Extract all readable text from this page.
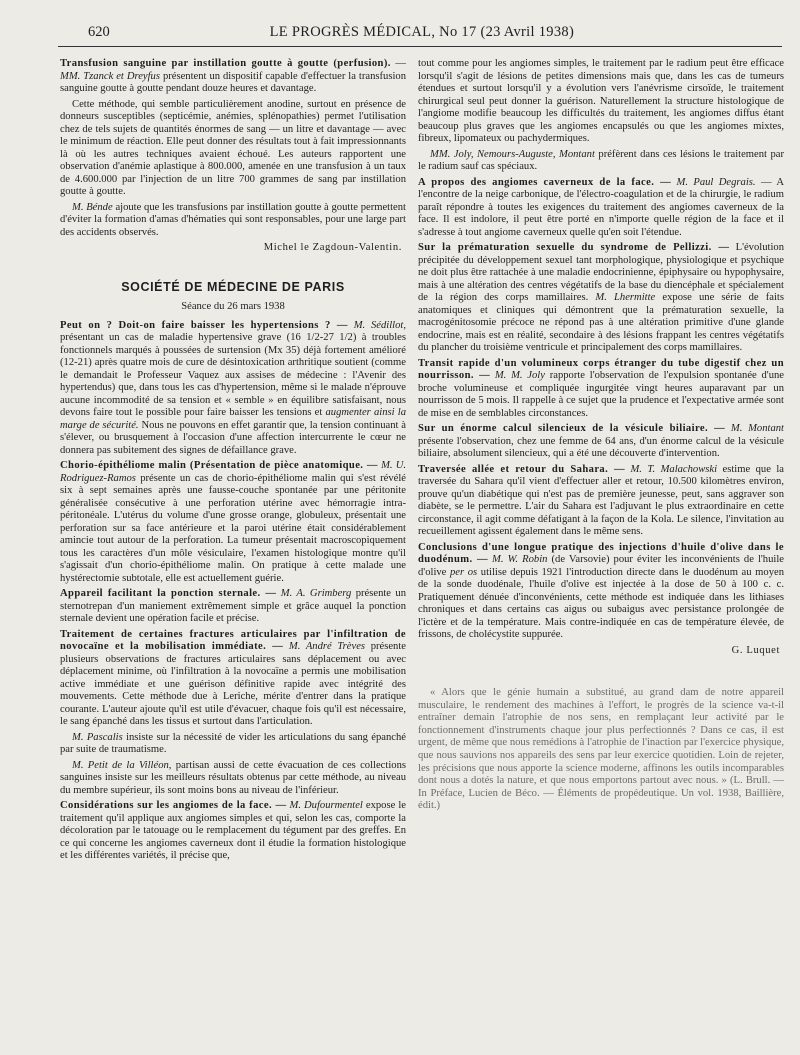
620	LE PROGRÈS MÉDICAL, No 17 (23 Avril 1938)

Transfusion sanguine par instillation goutte à goutte (perfusion). — MM. Tzanck et Dreyfus présentent un dispositif capable d'effectuer la transfusion sanguine goutte à goutte pendant douze heures et davantage.

Cette méthode, qui semble particulièrement anodine, surtout en présence de donneurs susceptibles (septicémie, anémies, splénopathies) permet l'utilisation chez de tels sujets de quantités énormes de sang — un litre et davantage — avec le minimum de réaction. Elle peut donner des résultats tout à fait impressionnants là où les autres techniques avaient échoué. Les auteurs rapportent une observation d'anémie aplastique à 800.000, amenée en une transfusion à un taux de 4.600.000 par l'injection de un litre 700 grammes de sang par instillation goutte à goutte.

M. Bénde ajoute que les transfusions par instillation goutte à goutte permettent d'éviter la formation d'amas d'hématies qui sont responsables, pour une large part des accidents observés.

Michel le Zagdoun-Valentin.
SOCIÉTÉ DE MÉDECINE DE PARIS
Séance du 26 mars 1938

Peut on ? Doit-on faire baisser les hypertensions ? — M. Sédillot, présentant un cas de maladie hypertensive grave (16 1/2-27 1/2) à troubles fonctionnels marqués à poussées de surtension (Mx 35) déjà fortement amélioré (12-21) après quatre mois de cure de désintoxication arthritique soutient (comme le demandait le Professeur Vaquez aux assises de médecine : l'Avenir des hypertendus) que, dans tous les cas d'hypertension, même si le malade n'éprouve aucune incommodité de sa tension et « semble » en équilibre satisfaisant, nous devons faire tout le possible pour faire baisser les tensions et augmenter ainsi la marge de sécurité. Nous ne pouvons en effet garantir que, la tension continuant à s'élever, ou brusquement à l'occasion d'une affection intercurrente le cœur ne donnera pas subitement des signes de défaillance grave.

Chorio-épithéliome malin (Présentation de pièce anatomique. — M. U. Rodriguez-Ramos présente un cas de chorio-épithéliome malin qui s'est révélé six à sept semaines après une fausse-couche spontanée par une péritonite généralisée consécutive à une perforation utérine avec hémorragie intra-péritonéale. L'utérus du volume d'une grosse orange, globuleux, présentait une perforation sur sa face antérieure et la paroi utérine était considérablement amincie tout autour de la perforation. La tumeur présentait macroscopiquement tous les caractères d'un môle vésiculaire, l'examen histologique montre qu'il s'agissait d'un chorio-épithéliome malin. On pratique à cette malade une hystérectomie subtotale, elle est actuellement guérie.

Appareil facilitant la ponction sternale. — M. A. Grimberg présente un sternotrepan d'un maniement extrêmement simple et grâce auquel la ponction sternale devient une opération facile et précise.

Traitement de certaines fractures articulaires par l'infiltration de novocaïne et la mobilisation immédiate. — M. André Trèves présente plusieurs observations de fractures articulaires sans déplacement ou avec déplacement minime, où l'infiltration à la novocaïne a permis une mobilisation active immédiate et une guérison définitive rapide avec intégrité des mouvements. Cette méthode due à Leriche, mérite d'entrer dans la pratique courante. L'auteur ajoute qu'il est utile d'évacuer, chaque fois qu'il est nécessaire, le sang épanché dans les tissus et surtout dans l'articulation.

M. Pascalis insiste sur la nécessité de vider les articulations du sang épanché par suite de traumatisme.

M. Petit de la Villéon, partisan aussi de cette évacuation de ces collections sanguines insiste sur les meilleurs résultats obtenus par cette méthode, au niveau du membre supérieur, ils sont moins bons au niveau de l'inférieur.

Considérations sur les angiomes de la face. — M. Dufourmentel expose le traitement qu'il applique aux angiomes simples et qui, selon les cas, comporte la décoloration par le tatouage ou le remplacement du tégument par des greffes. En ce qui concerne les angiomes caverneux dont il étudie la formation histologique et les différentes variétés, il précise que,

tout comme pour les angiomes simples, le traitement par le radium peut être efficace lorsqu'il s'agit de lésions de petites dimensions mais que, dans les cas de tumeurs étendues et surtout lorsqu'il y a évolution vers l'anévrisme cirsoïde, le traitement chirurgical seul peut donner la guérison. Naturellement la structure histologique de l'angiome modifie beaucoup les difficultés du traitement, les angiomes diffus étant beaucoup plus graves que les angiomes encapsulés ou que les angiomes mixtes, fibreux, lipomateux ou pachydermiques.

MM. Joly, Nemours-Auguste, Montant préfèrent dans ces lésions le traitement par le radium sauf cas spéciaux.

A propos des angiomes caverneux de la face. — M. Paul Degrais. — A l'encontre de la neige carbonique, de l'électro-coagulation et de la chirurgie, le radium paraît répondre à toutes les exigences du traitement des angiomes caverneux de la face. Il est indolore, il peut être porté en n'importe quelle région de la face et il s'adresse à tout angiome caverneux quelle qu'en soit l'étendue.

Sur la prématuration sexuelle du syndrome de Pellizzi. — L'évolution précipitée du développement sexuel tant morphologique, physiologique et psychique ne doit plus être rattachée à une maladie endocrinienne, épiphysaire ou hypophysaire, mais à une altération des centres végétatifs de la base du diencéphale et spécialement de la région des corps mamillaires. M. Lhermitte expose une série de faits anatomiques et cliniques qui démontrent que la prématuration sexuelle, la macrogénitosomie précoce ne répond pas à une altération primitive d'une glande endocrine, mais est en réalité, secondaire à des lésions frappant les centres végétatifs du plancher du troisième ventricule et principalement des corps mamillaires.

Transit rapide d'un volumineux corps étranger du tube digestif chez un nourrisson. — M. M. Joly rapporte l'observation de l'expulsion spontanée d'une broche volumineuse et compliquée ingurgitée vingt heures auparavant par un nourrisson de 5 mois. Il rappelle à ce sujet que la prudence et l'expectative armée sont de mise en de semblables circonstances.

Sur un énorme calcul silencieux de la vésicule biliaire. — M. Montant présente l'observation, chez une femme de 64 ans, d'un énorme calcul de la vésicule biliaire, absolument silencieux, qui a été une découverte d'intervention.

Traversée allée et retour du Sahara. — M. T. Malachowski estime que la traversée du Sahara qu'il vient d'effectuer aller et retour, 10.500 kilomètres environ, prouve qu'un diabétique qui n'est pas de première jeunesse, peut, sans aggraver son diabète, se le permettre. L'air du Sahara est l'adjuvant le plus extraordinaire en cette circonstance, il agit comme défatigant à la façon de la Kola. Le silence, l'invitation au recueillement agissent également dans le même sens.

Conclusions d'une longue pratique des injections d'huile d'olive dans le duodénum. — M. W. Robin (de Varsovie) pour éviter les inconvénients de l'huile d'olive per os utilise depuis 1921 l'introduction directe dans le duodénum au moyen de la sonde duodénale, l'huile d'olive est injectée à la dose de 50 à 100 c. c. Pratiquement dénuée d'inconvénients, cette méthode est indiquée dans les lithiases chroniques et dans certains cas aigus ou subaigus avec persistance prolongée de l'ictère et de la température. Mais contre-indiquée en cas de température élevée, de frissons, de cholécystite suppurée.

G. Luquet

« Alors que le génie humain a substitué, au grand dam de notre appareil musculaire, le rendement des machines à l'effort, le progrès de la science va-t-il entraîner demain l'atrophie de nos sens, en remplaçant leur activité par le fonctionnement d'instruments chaque jour plus perfectionnés ? Dans ce cas, il est urgent, de même que nous remédions à l'atrophie de l'inaction par l'exercice physique, que nous sauvions nos appareils des sens par leur exercice quotidien. Loin de rejeter, les précisions que nous apporte la science moderne, affinons les outils incomparables dont nous a dotés la nature, et que nous emportons partout avec nous. » (L. Brull. — In Préface, Lucien de Béco. — Éléments de propédeutique. Un vol. 1938, Baillière, édit.)
